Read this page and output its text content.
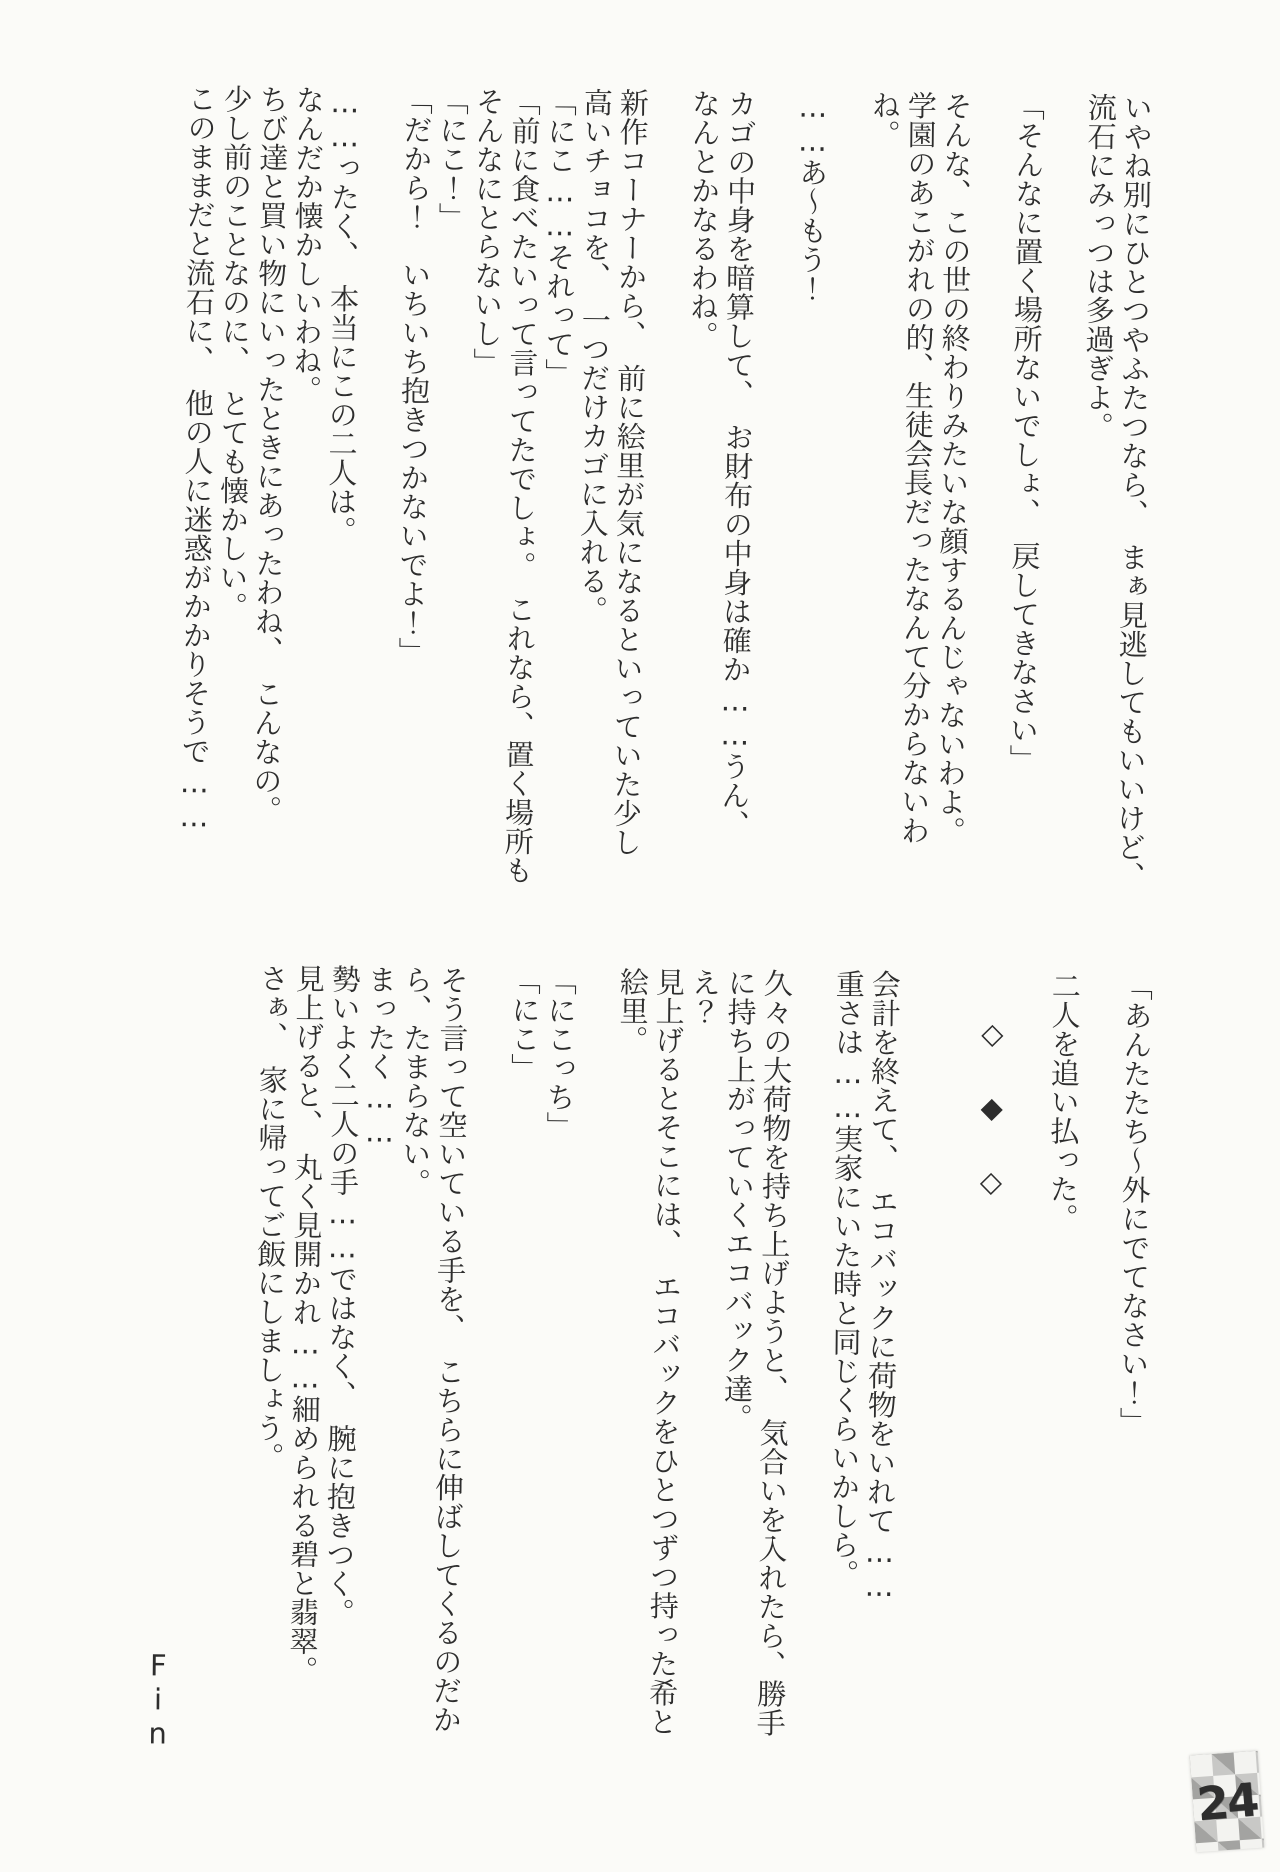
いやね別にひとつやふたつなら、　まぁ見逃してもいいけど、
流石にみっつは多過ぎよ。

「そんなに置く場所ないでしょ、　戻してきなさい」

そんな、この世の終わりみたいな顔するんじゃないわよ。
学園のあこがれの的、生徒会長だったなんて分からないわ
ね。

……あ〜もう！

カゴの中身を暗算して、　お財布の中身は確か……うん、
なんとかなるわね。

新作コーナーから、　前に絵里が気になるといっていた少し
高いチョコを、　一つだけカゴに入れる。

「にこ……それって」

「前に食べたいって言ってたでしょ。　これなら、置く場所も
そんなにとらないし」

「にこ！」

「だから！　いちいち抱きつかないでよ！」

……ったく、　本当にこの二人は。

なんだか懐かしいわね。

ちび達と買い物にいったときにあったわね、　こんなの。

少し前のことなのに、　とても懐かしい。

このままだと流石に、　他の人に迷惑がかかりそうで……

「あんたたち〜外にでてなさい！」

二人を追い払った。

◇◆◇

会計を終えて、　エコバックに荷物をいれて……

重さは……実家にいた時と同じくらいかしら。

久々の大荷物を持ち上げようと、　気合いを入れたら、勝手
に持ち上がっていくエコバック達。

え？

見上げるとそこには、　エコバックをひとつずつ持った希と
絵里。

「にこっち」

「にこ」

そう言って空いている手を、　こちらに伸ばしてくるのだか
ら、たまらない。

まったく……

勢いよく二人の手……ではなく、　腕に抱きつく。

見上げると、　丸く見開かれ……細められる碧と翡翠。

さぁ、　家に帰ってご飯にしましょう。

Fin

24
